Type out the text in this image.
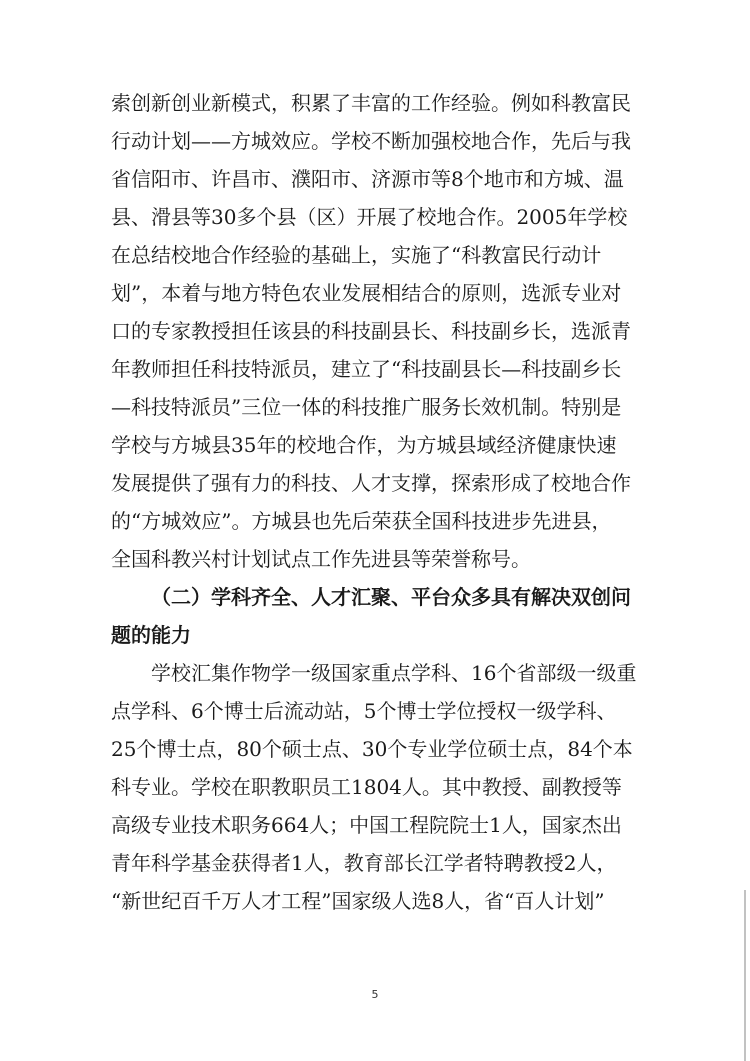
索创新创业新模式，积累了丰富的工作经验。例如科教富民
行动计划——方城效应。学校不断加强校地合作，先后与我
省信阳市、许昌市、濮阳市、济源市等8个地市和方城、温
县、滑县等30多个县（区）开展了校地合作。2005年学校
在总结校地合作经验的基础上，实施了“科教富民行动计
划”，本着与地方特色农业发展相结合的原则，选派专业对
口的专家教授担任该县的科技副县长、科技副乡长，选派青
年教师担任科技特派员，建立了“科技副县长—科技副乡长
—科技特派员”三位一体的科技推广服务长效机制。特别是
学校与方城县35年的校地合作，为方城县域经济健康快速
发展提供了强有力的科技、人才支撑，探索形成了校地合作
的“方城效应”。方城县也先后荣获全国科技进步先进县，
全国科教兴村计划试点工作先进县等荣誉称号。
（二）学科齐全、人才汇聚、平台众多具有解决双创问
题的能力
学校汇集作物学一级国家重点学科、16个省部级一级重
点学科、6个博士后流动站，5个博士学位授权一级学科、
25个博士点，80个硕士点、30个专业学位硕士点，84个本
科专业。学校在职教职员工1804人。其中教授、副教授等
高级专业技术职务664人；中国工程院院士1人，国家杰出
青年科学基金获得者1人，教育部长江学者特聘教授2人，
“新世纪百千万人才工程”国家级人选8人，省“百人计划”
5
